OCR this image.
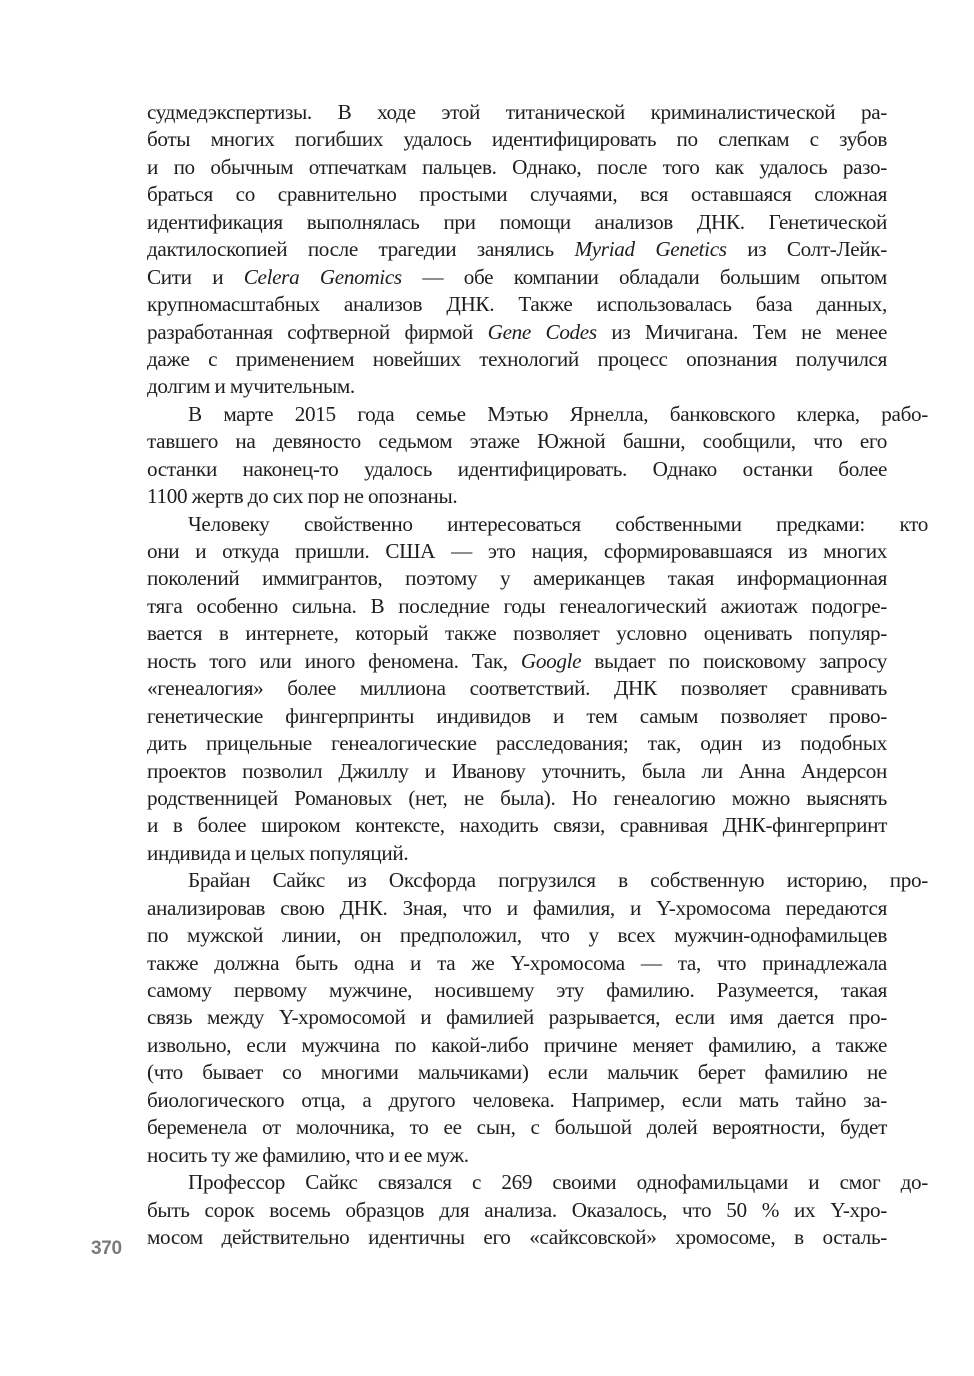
судмедэкспертизы. В ходе этой титанической криминалистической ра-
боты многих погибших удалось идентифицировать по слепкам с зубов
и по обычным отпечаткам пальцев. Однако, после того как удалось разо-
браться со сравнительно простыми случаями, вся оставшаяся сложная
идентификация выполнялась при помощи анализов ДНК. Генетической
дактилоскопией после трагедии занялись Myriad Genetics из Солт-Лейк-
Сити и Celera Genomics — обе компании обладали большим опытом
крупномасштабных анализов ДНК. Также использовалась база данных,
разработанная софтверной фирмой Gene Codes из Мичигана. Тем не менее
даже с применением новейших технологий процесс опознания получился
долгим и мучительным.

В марте 2015 года семье Мэтью Ярнелла, банковского клерка, рабо-
тавшего на девяносто седьмом этаже Южной башни, сообщили, что его
останки наконец-то удалось идентифицировать. Однако останки более
1100 жертв до сих пор не опознаны.

Человеку свойственно интересоваться собственными предками: кто
они и откуда пришли. США — это нация, сформировавшаяся из многих
поколений иммигрантов, поэтому у американцев такая информационная
тяга особенно сильна. В последние годы генеалогический ажиотаж подогре-
вается в интернете, который также позволяет условно оценивать популяр-
ность того или иного феномена. Так, Google выдает по поисковому запросу
«генеалогия» более миллиона соответствий. ДНК позволяет сравнивать
генетические фингерпринты индивидов и тем самым позволяет прово-
дить прицельные генеалогические расследования; так, один из подобных
проектов позволил Джиллу и Иванову уточнить, была ли Анна Андерсон
родственницей Романовых (нет, не была). Но генеалогию можно выяснять
и в более широком контексте, находить связи, сравнивая ДНК-фингерпринт
индивида и целых популяций.

Брайан Сайкс из Оксфорда погрузился в собственную историю, про-
анализировав свою ДНК. Зная, что и фамилия, и Y-хромосома передаются
по мужской линии, он предположил, что у всех мужчин-однофамильцев
также должна быть одна и та же Y-хромосома — та, что принадлежала
самому первому мужчине, носившему эту фамилию. Разумеется, такая
связь между Y-хромосомой и фамилией разрывается, если имя дается про-
извольно, если мужчина по какой-либо причине меняет фамилию, а также
(что бывает со многими мальчиками) если мальчик берет фамилию не
биологического отца, а другого человека. Например, если мать тайно за-
беременела от молочника, то ее сын, с большой долей вероятности, будет
носить ту же фамилию, что и ее муж.

Профессор Сайкс связался с 269 своими однофамильцами и смог до-
быть сорок восемь образцов для анализа. Оказалось, что 50 % их Y-хро-
мосом действительно идентичны его «сайксовской» хромосоме, в осталь-

370
